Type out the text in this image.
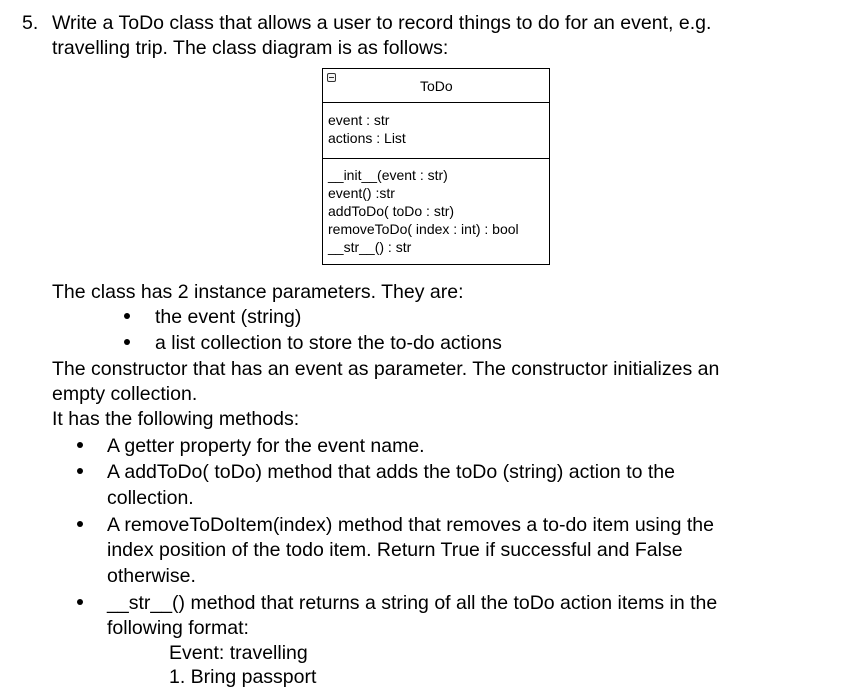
5. Write a ToDo class that allows a user to record things to do for an event, e.g.
travelling trip. The class diagram is as follows:
ToDo
event : str
actions : List
__init__(event : str)
event() :str
addToDo( toDo : str)
removeToDo( index : int) : bool
__str__() : str
The class has 2 instance parameters. They are:
the event (string)
a list collection to store the to-do actions
The constructor that has an event as parameter. The constructor initializes an
empty collection.
It has the following methods:
A getter property for the event name.
A addToDo( toDo) method that adds the toDo (string) action to the
collection.
A removeToDoItem(index) method that removes a to-do item using the
index position of the todo item. Return True if successful and False
otherwise.
__str__() method that returns a string of all the toDo action items in the
following format:
Event: travelling
1. Bring passport
